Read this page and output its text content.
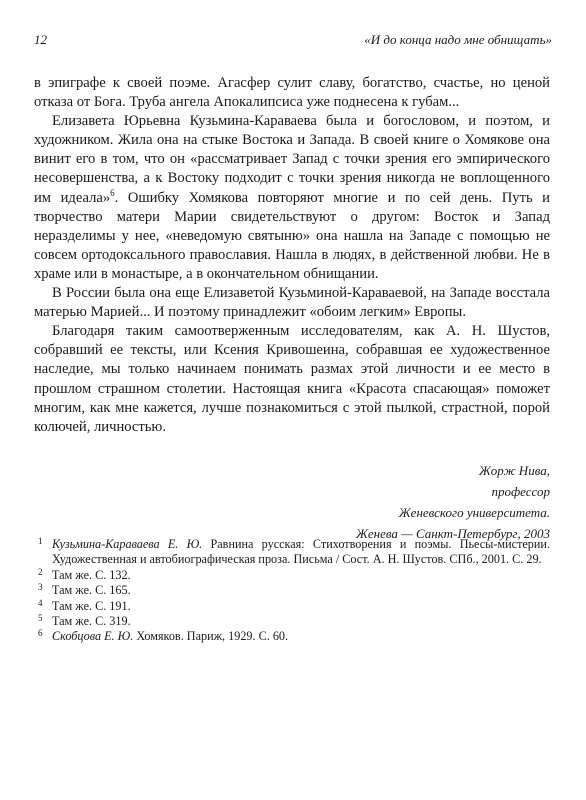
12	«И до конца надо мне обнищать»

в эпиграфе к своей поэме. Агасфер сулит славу, богатство, счастье, но ценой отказа от Бога. Труба ангела Апокалипсиса уже поднесена к губам...

Елизавета Юрьевна Кузьмина-Караваева была и богословом, и поэтом, и художником. Жила она на стыке Востока и Запада. В своей книге о Хомякове она винит его в том, что он «рассматривает Запад с точки зрения его эмпирического несовершенства, а к Востоку подходит с точки зрения никогда не воплощенного им идеала»$^6$. Ошибку Хомякова повторяют многие и по сей день. Путь и творчество матери Марии свидетельствуют о другом: Восток и Запад неразделимы у нее, «неведомую святыню» она нашла на Западе с помощью не совсем ортодоксального православия. Нашла в людях, в действенной любви. Не в храме или в монастыре, а в окончательном обнищании.

В России была она еще Елизаветой Кузьминой-Караваевой, на Западе восстала матерью Марией... И поэтому принадлежит «обоим легким» Европы.

Благодаря таким самоотверженным исследователям, как А. Н. Шустов, собравший ее тексты, или Ксения Кривошеина, собравшая ее художественное наследие, мы только начинаем понимать размах этой личности и ее место в прошлом страшном столетии. Настоящая книга «Красота спасающая» поможет многим, как мне кажется, лучше познакомиться с этой пылкой, страстной, порой колючей, личностью.

Жорж Нива,
профессор
Женевского университета.
Женева — Санкт-Петербург, 2003
1 Кузьмина-Караваева Е. Ю. Равнина русская: Стихотворения и поэмы. Пьесы-мистерии. Художественная и автобиографическая проза. Письма / Сост. А. Н. Шустов. СПб., 2001. С. 29.
2 Там же. С. 132.
3 Там же. С. 165.
4 Там же. С. 191.
5 Там же. С. 319.
6 Скобцова Е. Ю. Хомяков. Париж, 1929. С. 60.
